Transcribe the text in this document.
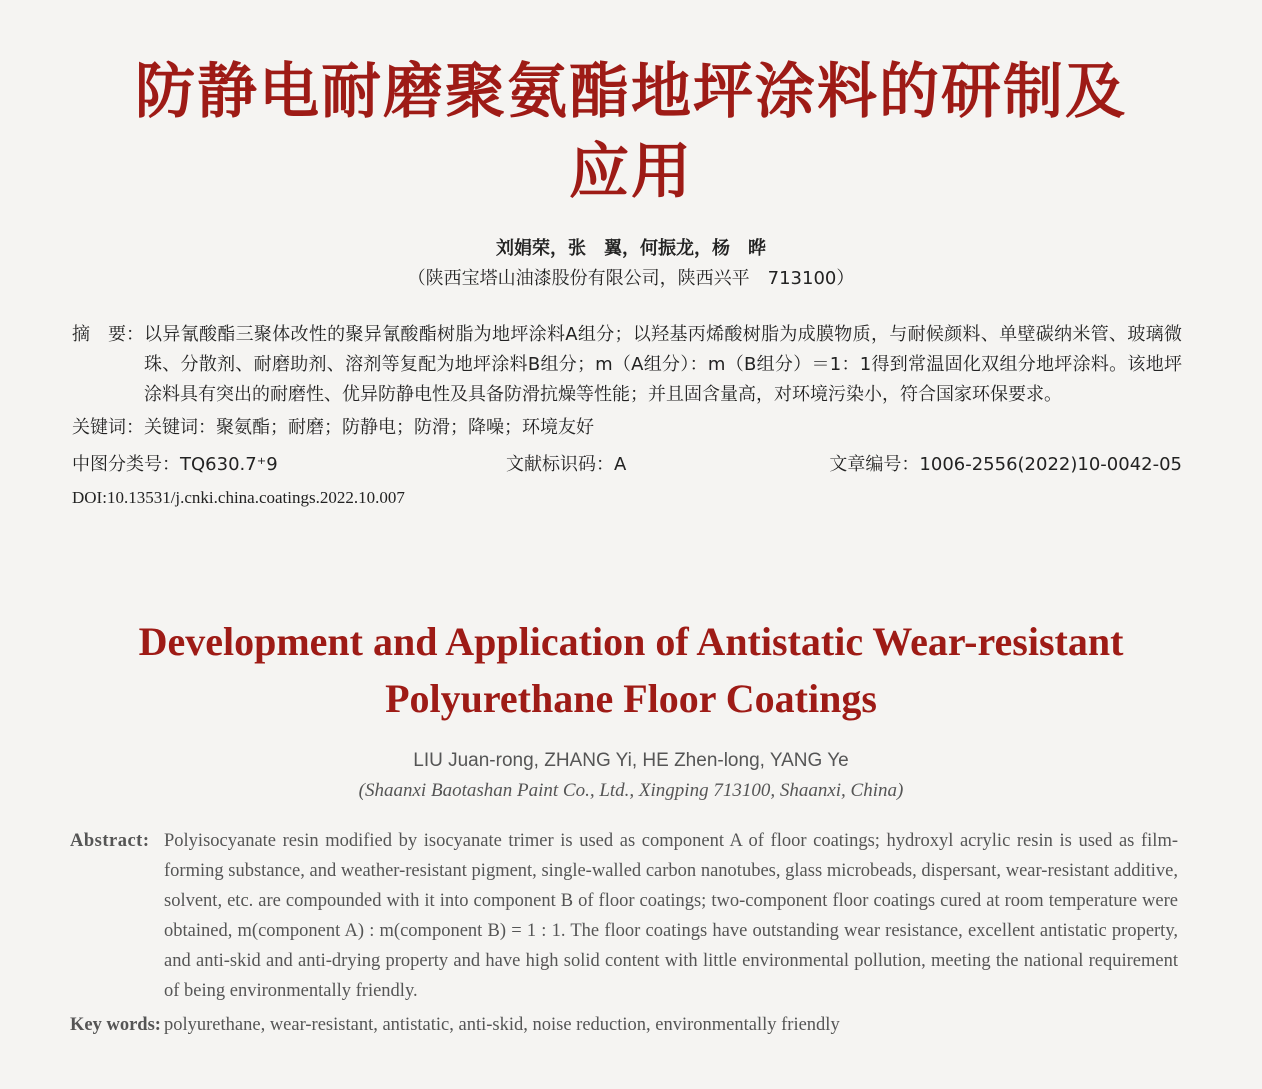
防静电耐磨聚氨酯地坪涂料的研制及
应用
刘娟荣，张　翼，何振龙，杨　晔
（陕西宝塔山油漆股份有限公司，陕西兴平　713100）
摘　要： 以异氰酸酯三聚体改性的聚异氰酸酯树脂为地坪涂料A组分；以羟基丙烯酸树脂为成膜物质，与耐候颜料、单壁碳纳米管、玻璃微珠、分散剂、耐磨助剂、溶剂等复配为地坪涂料B组分；m（A组分）：m（B组分）＝1：1得到常温固化双组分地坪涂料。该地坪涂料具有突出的耐磨性、优异防静电性及具备防滑抗燥等性能；并且固含量高，对环境污染小，符合国家环保要求。
关键词：关键词：聚氨酯；耐磨；防静电；防滑；降噪；环境友好
中图分类号：TQ630.7⁺9	文献标识码：A	文章编号：1006-2556(2022)10-0042-05
DOI:10.13531/j.cnki.china.coatings.2022.10.007
Development and Application of Antistatic Wear-resistant
Polyurethane Floor Coatings
LIU Juan-rong, ZHANG Yi, HE Zhen-long, YANG Ye
(Shaanxi Baotashan Paint Co., Ltd., Xingping 713100, Shaanxi, China)
Abstract: Polyisocyanate resin modified by isocyanate trimer is used as component A of floor coatings; hydroxyl acrylic resin is used as film-forming substance, and weather-resistant pigment, single-walled carbon nanotubes, glass microbeads, dispersant, wear-resistant additive, solvent, etc. are compounded with it into component B of floor coatings; two-component floor coatings cured at room temperature were obtained, m(component A) : m(component B) = 1 : 1. The floor coatings have outstanding wear resistance, excellent antistatic property, and anti-skid and anti-drying property and have high solid content with little environmental pollution, meeting the national requirement of being environmentally friendly.
Key words: polyurethane, wear-resistant, antistatic, anti-skid, noise reduction, environmentally friendly
